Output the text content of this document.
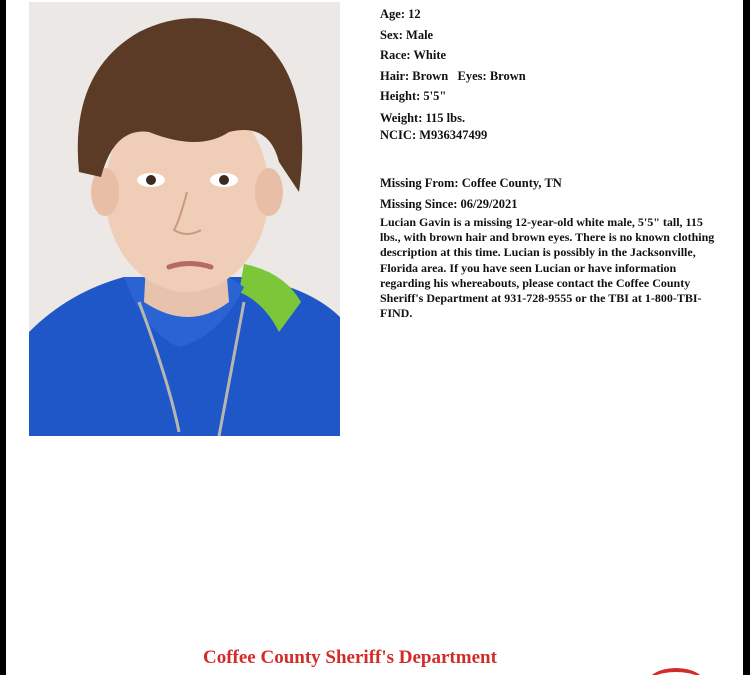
Age: 12
Sex: Male
Race: White
Hair: Brown   Eyes: Brown
Height: 5'5"
Weight: 115 lbs.
NCIC: M936347499
Missing From: Coffee County, TN
Missing Since: 06/29/2021
Lucian Gavin is a missing 12-year-old white male, 5'5" tall, 115 lbs., with brown hair and brown eyes. There is no known clothing description at this time. Lucian is possibly in the Jacksonville, Florida area. If you have seen Lucian or have information regarding his whereabouts, please contact the Coffee County Sheriff's Department at 931-728-9555 or the TBI at 1-800-TBI-FIND.
Coffee County Sheriff's Department
